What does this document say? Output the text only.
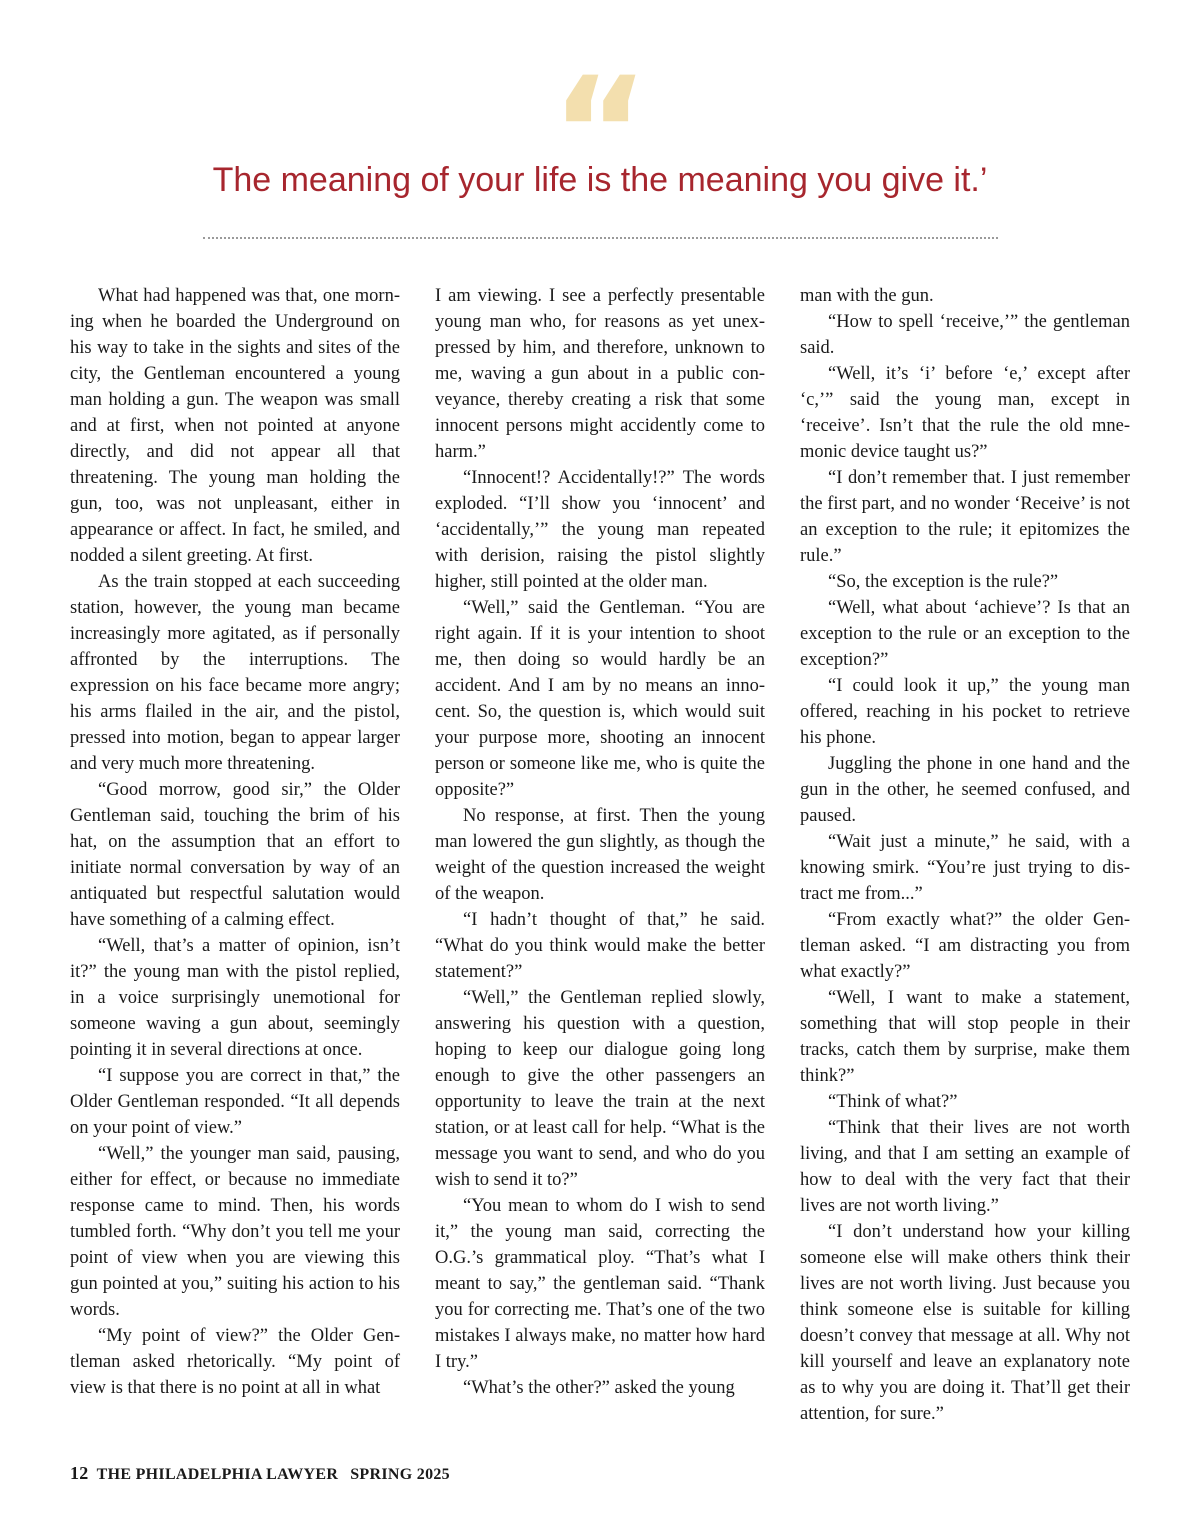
“
The meaning of your life is the meaning you give it.’

What had happened was that, one morning when he boarded the Underground on his way to take in the sights and sites of the city, the Gentleman encountered a young man holding a gun. The weapon was small and at first, when not pointed at anyone directly, and did not appear all that threatening. The young man holding the gun, too, was not unpleasant, either in appearance or affect. In fact, he smiled, and nodded a silent greeting. At first.

As the train stopped at each succeeding station, however, the young man became increasingly more agitated, as if personally affronted by the interruptions. The expression on his face became more angry; his arms flailed in the air, and the pistol, pressed into motion, began to appear larger and very much more threatening.

“Good morrow, good sir,” the Older Gentleman said, touching the brim of his hat, on the assumption that an effort to initiate normal conversation by way of an antiquated but respectful salutation would have something of a calming effect.

“Well, that’s a matter of opinion, isn’t it?” the young man with the pistol replied, in a voice surprisingly unemotional for someone waving a gun about, seemingly pointing it in several directions at once.

“I suppose you are correct in that,” the Older Gentleman responded. “It all depends on your point of view.”

“Well,” the younger man said, pausing, either for effect, or because no immediate response came to mind. Then, his words tumbled forth. “Why don’t you tell me your point of view when you are viewing this gun pointed at you,” suiting his action to his words.

“My point of view?” the Older Gentleman asked rhetorically. “My point of view is that there is no point at all in what

I am viewing. I see a perfectly presentable young man who, for reasons as yet unexpressed by him, and therefore, unknown to me, waving a gun about in a public conveyance, thereby creating a risk that some innocent persons might accidently come to harm.”

“Innocent!? Accidentally!?” The words exploded. “I’ll show you ‘innocent’ and ‘accidentally,’” the young man repeated with derision, raising the pistol slightly higher, still pointed at the older man.

“Well,” said the Gentleman. “You are right again. If it is your intention to shoot me, then doing so would hardly be an accident. And I am by no means an innocent. So, the question is, which would suit your purpose more, shooting an innocent person or someone like me, who is quite the opposite?”

No response, at first. Then the young man lowered the gun slightly, as though the weight of the question increased the weight of the weapon.

“I hadn’t thought of that,” he said. “What do you think would make the better statement?”

“Well,” the Gentleman replied slowly, answering his question with a question, hoping to keep our dialogue going long enough to give the other passengers an opportunity to leave the train at the next station, or at least call for help. “What is the message you want to send, and who do you wish to send it to?”

“You mean to whom do I wish to send it,” the young man said, correcting the O.G.’s grammatical ploy. “That’s what I meant to say,” the gentleman said. “Thank you for correcting me. That’s one of the two mistakes I always make, no matter how hard I try.”

“What’s the other?” asked the young

man with the gun.

“How to spell ‘receive,’” the gentleman said.

“Well, it’s ‘i’ before ‘e,’ except after ‘c,’” said the young man, except in ‘receive’. Isn’t that the rule the old mnemonic device taught us?”

“I don’t remember that. I just remember the first part, and no wonder ‘Receive’ is not an exception to the rule; it epitomizes the rule.”

“So, the exception is the rule?”

“Well, what about ‘achieve’? Is that an exception to the rule or an exception to the exception?”

“I could look it up,” the young man offered, reaching in his pocket to retrieve his phone.

Juggling the phone in one hand and the gun in the other, he seemed confused, and paused.

“Wait just a minute,” he said, with a knowing smirk. “You’re just trying to distract me from...”

“From exactly what?” the older Gentleman asked. “I am distracting you from what exactly?”

“Well, I want to make a statement, something that will stop people in their tracks, catch them by surprise, make them think?”

“Think of what?”

“Think that their lives are not worth living, and that I am setting an example of how to deal with the very fact that their lives are not worth living.”

“I don’t understand how your killing someone else will make others think their lives are not worth living. Just because you think someone else is suitable for killing doesn’t convey that message at all. Why not kill yourself and leave an explanatory note as to why you are doing it. That’ll get their attention, for sure.”

12 THE PHILADELPHIA LAWYER SPRING 2025
